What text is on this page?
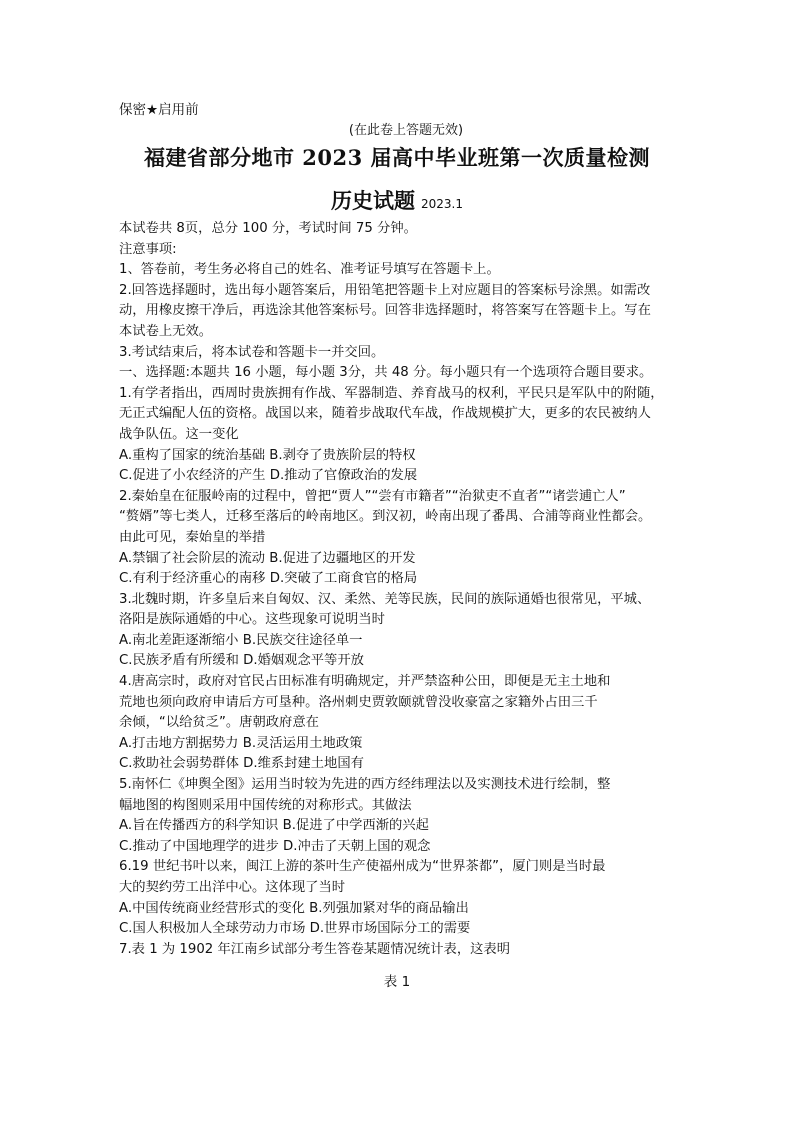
保密★启用前
(在此卷上答题无效)
福建省部分地市 2023 届高中毕业班第一次质量检测
历史试题 2023.1
本试卷共 8页，总分 100 分，考试时间 75 分钟。
注意事项:
1、答卷前，考生务必将自己的姓名、准考证号填写在答题卡上。
2.回答选择题时，选出每小题答案后，用铅笔把答题卡上对应题目的答案标号涂黑。如需改
动，用橡皮擦干净后，再选涂其他答案标号。回答非选择题时，将答案写在答题卡上。写在
本试卷上无效。
3.考试结束后，将本试卷和答题卡一并交回。
一、选择题:本题共 16 小题，每小题 3分，共 48 分。每小题只有一个选项符合题目要求。
1.有学者指出，西周时贵族拥有作战、军器制造、养育战马的权利，平民只是军队中的附随，
无正式编配人伍的资格。战国以来，随着步战取代车战，作战规模扩大，更多的农民被纳人
战争队伍。这一变化
A.重构了国家的统治基础 B.剥夺了贵族阶层的特权
C.促进了小农经济的产生 D.推动了官僚政治的发展
2.秦始皇在征服岭南的过程中，曾把“贾人”“尝有市籍者”“治狱吏不直者”“诸尝逋亡人”
“赘婿”等七类人，迁移至落后的岭南地区。到汉初，岭南出现了番禺、合浦等商业性都会。
由此可见，秦始皇的举措
A.禁锢了社会阶层的流动 B.促进了边疆地区的开发
C.有利于经济重心的南移 D.突破了工商食官的格局
3.北魏时期，许多皇后来自匈奴、汉、柔然、羌等民族，民间的族际通婚也很常见，平城、
洛阳是族际通婚的中心。这些现象可说明当时
A.南北差距逐渐缩小 B.民族交往途径单一
C.民族矛盾有所缓和 D.婚姻观念平等开放
4.唐高宗时，政府对官民占田标准有明确规定，并严禁盗种公田，即便是无主土地和
荒地也须向政府申请后方可垦种。洛州刺史贾敦颐就曾没收豪富之家籍外占田三千
余倾，“以给贫乏”。唐朝政府意在
A.打击地方割据势力 B.灵活运用土地政策
C.救助社会弱势群体 D.维系封建土地国有
5.南怀仁《坤舆全图》运用当时较为先进的西方经纬理法以及实测技术进行绘制，整
幅地图的构图则采用中国传统的对称形式。其做法
A.旨在传播西方的科学知识 B.促进了中学西渐的兴起
C.推动了中国地理学的进步 D.冲击了天朝上国的观念
6.19 世纪书叶以来，闽江上游的茶叶生产使福州成为“世界茶都”，厦门则是当时最
大的契约劳工出洋中心。这体现了当时
A.中国传统商业经营形式的变化 B.列强加紧对华的商品输出
C.国人积极加人全球劳动力市场 D.世界市场国际分工的需要
7.表 1 为 1902 年江南乡试部分考生答卷某题情况统计表，这表明
表 1
